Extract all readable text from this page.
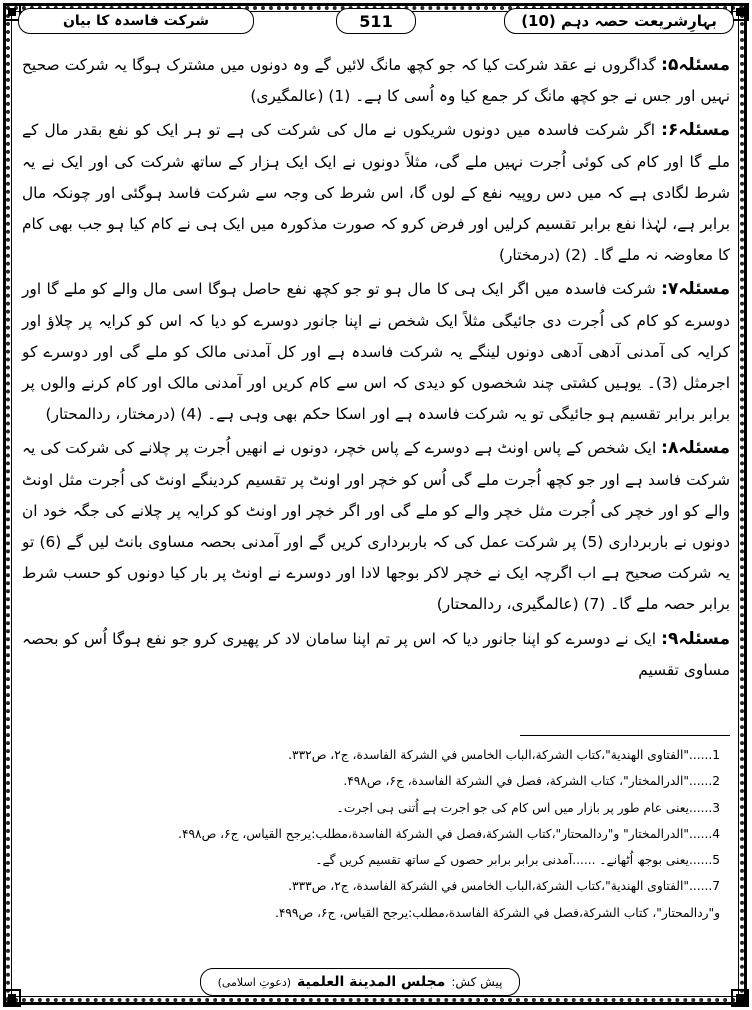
بہارِشریعت حصہ دہم (10)
511
شرکت فاسدہ کا بیان

مسئلہ۵: گداگروں نے عقد شرکت کیا کہ جو کچھ مانگ لائیں گے وہ دونوں میں مشترک ہوگا یہ شرکت صحیح نہیں اور جس نے جو کچھ مانگ کر جمع کیا وہ اُسی کا ہے۔ (1) (عالمگیری)

مسئلہ۶: اگر شرکت فاسدہ میں دونوں شریکوں نے مال کی شرکت کی ہے تو ہر ایک کو نفع بقدر مال کے ملے گا اور کام کی کوئی اُجرت نہیں ملے گی، مثلاً دونوں نے ایک ایک ہزار کے ساتھ شرکت کی اور ایک نے یہ شرط لگادی ہے کہ میں دس روپیہ نفع کے لوں گا، اس شرط کی وجہ سے شرکت فاسد ہوگئی اور چونکہ مال برابر ہے، لہٰذا نفع برابر تقسیم کرلیں اور فرض کرو کہ صورت مذکورہ میں ایک ہی نے کام کیا ہو جب بھی کام کا معاوضہ نہ ملے گا۔ (2) (درمختار)

مسئلہ۷: شرکت فاسدہ میں اگر ایک ہی کا مال ہو تو جو کچھ نفع حاصل ہوگا اسی مال والے کو ملے گا اور دوسرے کو کام کی اُجرت دی جائیگی مثلاً ایک شخص نے اپنا جانور دوسرے کو دیا کہ اس کو کرایہ پر چلاؤ اور کرایہ کی آمدنی آدھی آدھی دونوں لینگے یہ شرکت فاسدہ ہے اور کل آمدنی مالک کو ملے گی اور دوسرے کو اجرمثل (3)۔ یوہیں کشتی چند شخصوں کو دیدی کہ اس سے کام کریں اور آمدنی مالک اور کام کرنے والوں پر برابر برابر تقسیم ہو جائیگی تو یہ شرکت فاسدہ ہے اور اسکا حکم بھی وہی ہے۔ (4) (درمختار، ردالمحتار)

مسئلہ۸: ایک شخص کے پاس اونٹ ہے دوسرے کے پاس خچر، دونوں نے انھیں اُجرت پر چلانے کی شرکت کی یہ شرکت فاسد ہے اور جو کچھ اُجرت ملے گی اُس کو خچر اور اونٹ پر تقسیم کردینگے اونٹ کی اُجرت مثل اونٹ والے کو اور خچر کی اُجرت مثل خچر والے کو ملے گی اور اگر خچر اور اونٹ کو کرایہ پر چلانے کی جگہ خود ان دونوں نے باربرداری (5) پر شرکت عمل کی کہ باربرداری کریں گے اور آمدنی بحصہ مساوی بانٹ لیں گے (6) تو یہ شرکت صحیح ہے اب اگرچہ ایک نے خچر لاکر بوجھا لادا اور دوسرے نے اونٹ پر بار کیا دونوں کو حسب شرط برابر حصہ ملے گا۔ (7) (عالمگیری، ردالمحتار)

مسئلہ۹: ایک نے دوسرے کو اپنا جانور دیا کہ اس پر تم اپنا سامان لاد کر پھیری کرو جو نفع ہوگا اُس کو بحصہ مساوی تقسیم

1......"الفتاوى الهندية"،كتاب الشركة،الباب الخامس في الشركة الفاسدة، ج۲، ص۳۳۲.
2......"الدرالمختار"، كتاب الشركة، فصل في الشركة الفاسدة، ج۶، ص۴۹۸.
3......یعنی عام طور پر بازار میں اس کام کی جو اجرت ہے اُتنی ہی اجرت۔
4......"الدرالمختار" و"ردالمحتار"،كتاب الشركة،فصل في الشركة الفاسدة،مطلب:يرجح القياس، ج۶، ص۴۹۸.
5......یعنی بوجھ اُٹھانے۔ ......آمدنی برابر برابر حصوں کے ساتھ تقسیم کریں گے۔
7......"الفتاوى الهندية"،كتاب الشركة،الباب الخامس في الشركة الفاسدة، ج۲، ص۳۳۳.
و"ردالمحتار"، كتاب الشركة،فصل في الشركة الفاسدة،مطلب:يرجح القياس، ج۶، ص۴۹۹.
پیش کش:
مجلس المدينة العلمية
(دعوتِ اسلامی)
